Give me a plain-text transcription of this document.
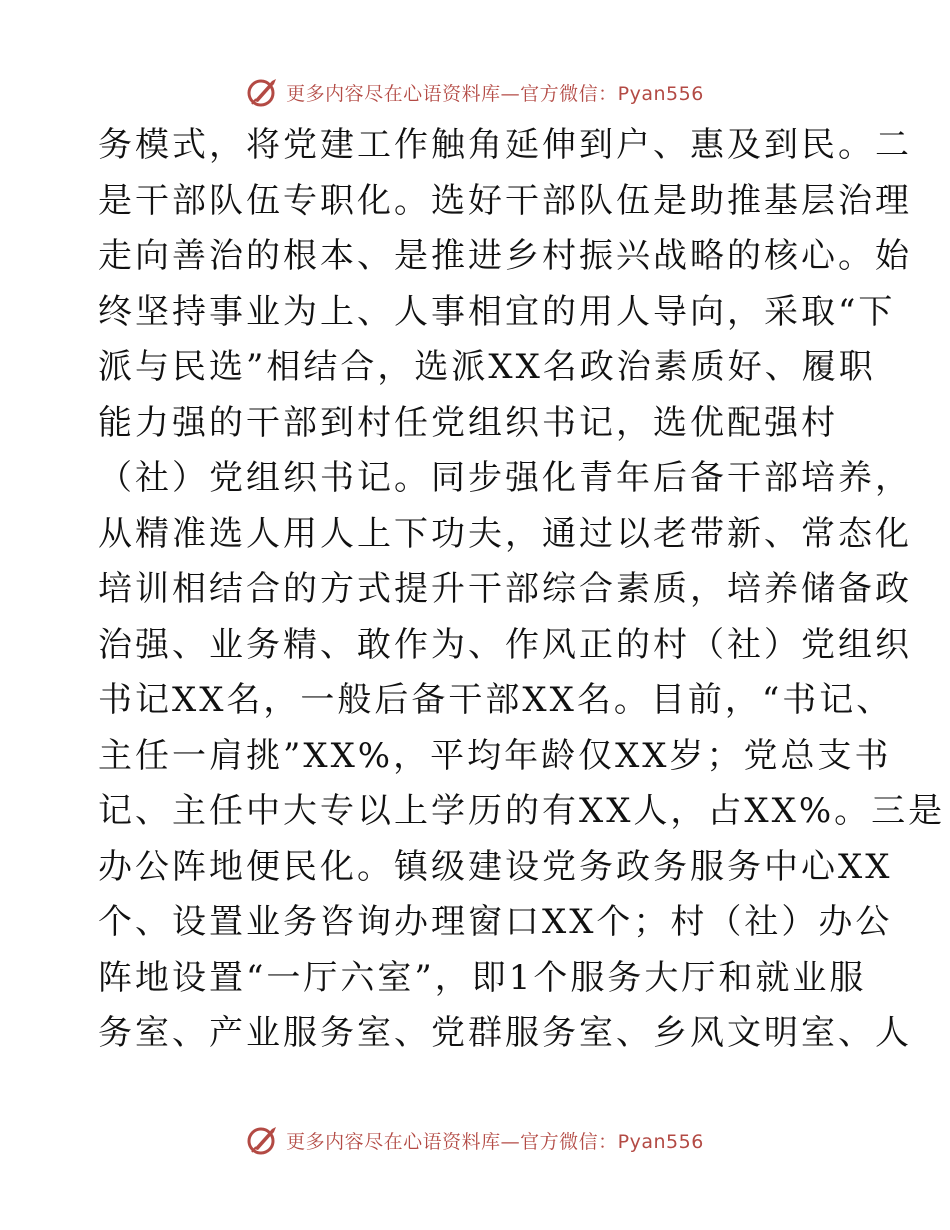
更多内容尽在心语资料库—官方微信：Pyan556
务模式，将党建工作触角延伸到户、惠及到民。二
是干部队伍专职化。选好干部队伍是助推基层治理
走向善治的根本、是推进乡村振兴战略的核心。始
终坚持事业为上、人事相宜的用人导向，采取“下
派与民选”相结合，选派XX名政治素质好、履职
能力强的干部到村任党组织书记，选优配强村
（社）党组织书记。同步强化青年后备干部培养，
从精准选人用人上下功夫，通过以老带新、常态化
培训相结合的方式提升干部综合素质，培养储备政
治强、业务精、敢作为、作风正的村（社）党组织
书记XX名，一般后备干部XX名。目前，“书记、
主任一肩挑”XX%，平均年龄仅XX岁；党总支书
记、主任中大专以上学历的有XX人，占XX%。三是
办公阵地便民化。镇级建设党务政务服务中心XX
个、设置业务咨询办理窗口XX个；村（社）办公
阵地设置“一厅六室”，即1个服务大厅和就业服
务室、产业服务室、党群服务室、乡风文明室、人
更多内容尽在心语资料库—官方微信：Pyan556
